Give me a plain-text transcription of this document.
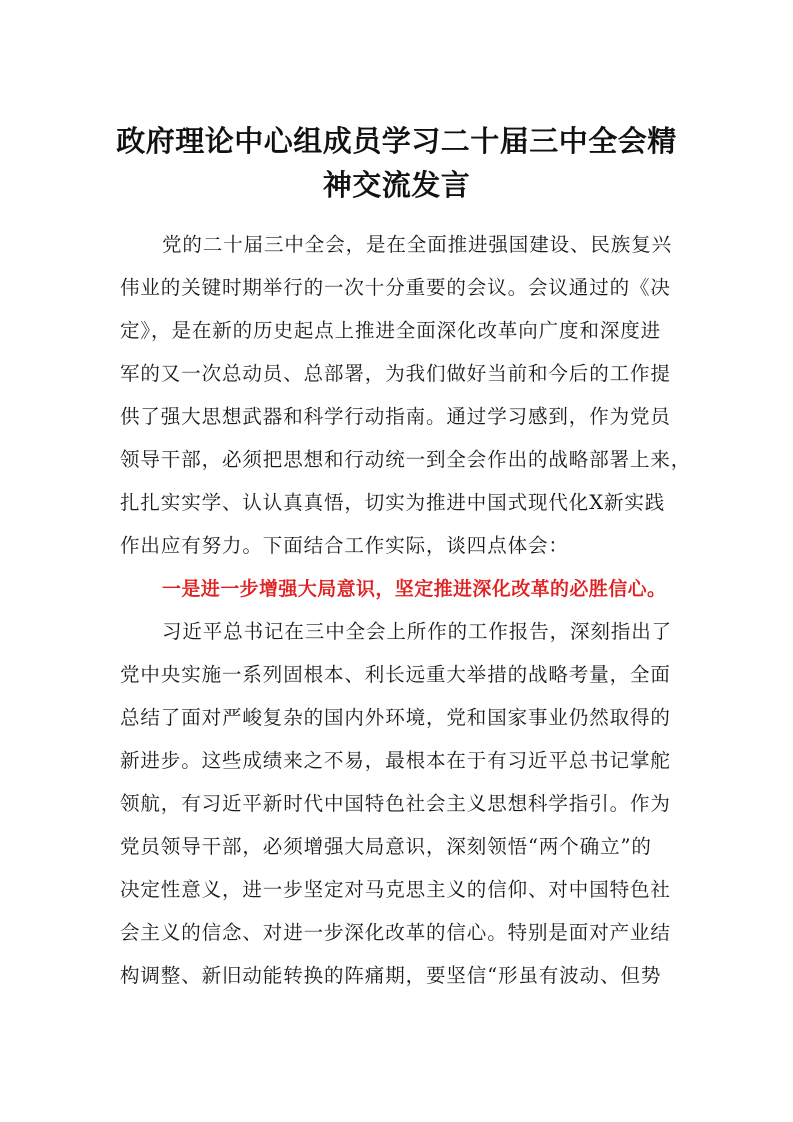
政府理论中心组成员学习二十届三中全会精
神交流发言

党的二十届三中全会，是在全面推进强国建设、民族复兴

伟业的关键时期举行的一次十分重要的会议。会议通过的《决

定》，是在新的历史起点上推进全面深化改革向广度和深度进

军的又一次总动员、总部署，为我们做好当前和今后的工作提

供了强大思想武器和科学行动指南。通过学习感到，作为党员

领导干部，必须把思想和行动统一到全会作出的战略部署上来，

扎扎实实学、认认真真悟，切实为推进中国式现代化X新实践

作出应有努力。下面结合工作实际，谈四点体会：

一是进一步增强大局意识，坚定推进深化改革的必胜信心。

习近平总书记在三中全会上所作的工作报告，深刻指出了

党中央实施一系列固根本、利长远重大举措的战略考量，全面

总结了面对严峻复杂的国内外环境，党和国家事业仍然取得的

新进步。这些成绩来之不易，最根本在于有习近平总书记掌舵

领航，有习近平新时代中国特色社会主义思想科学指引。作为

党员领导干部，必须增强大局意识，深刻领悟“两个确立”的

决定性意义，进一步坚定对马克思主义的信仰、对中国特色社

会主义的信念、对进一步深化改革的信心。特别是面对产业结

构调整、新旧动能转换的阵痛期，要坚信“形虽有波动、但势
